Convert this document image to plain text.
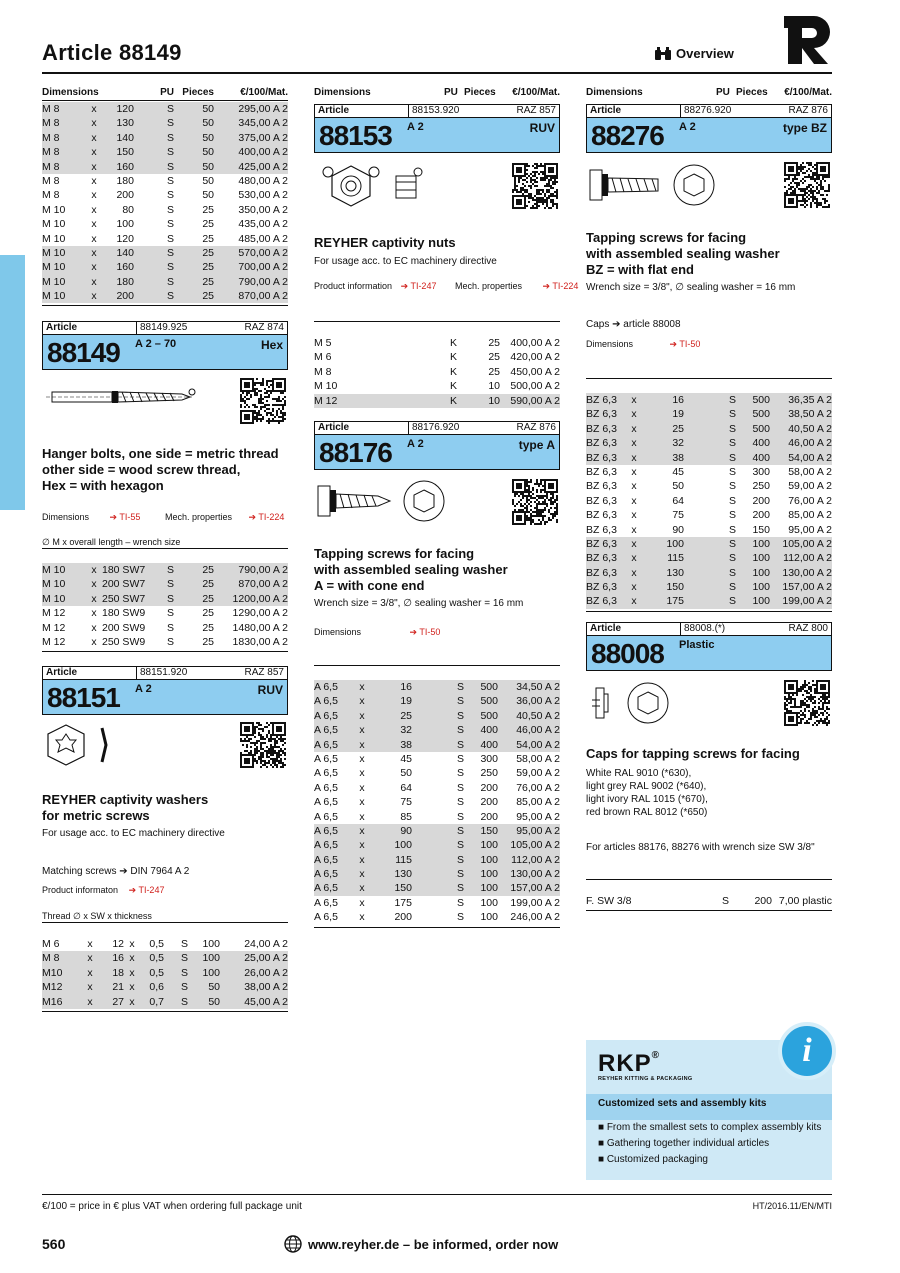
Article 88149	Overview
Dimensions	PU Pieces	€/100/Mat.
M 8	x	120	S	50	295,00 A 2
M 8	x	130	S	50	345,00 A 2
M 8	x	140	S	50	375,00 A 2
M 8	x	150	S	50	400,00 A 2
M 8	x	160	S	50	425,00 A 2
M 8	x	180	S	50	480,00 A 2
M 8	x	200	S	50	530,00 A 2
M 10	x	80	S	25	350,00 A 2
M 10	x	100	S	25	435,00 A 2
M 10	x	120	S	25	485,00 A 2
M 10	x	140	S	25	570,00 A 2
M 10	x	160	S	25	700,00 A 2
M 10	x	180	S	25	790,00 A 2
M 10	x	200	S	25	870,00 A 2
Article	88149.925	RAZ 874
88149 A 2 – 70	Hex
Hanger bolts, one side = metric thread
other side = wood screw thread,
Hex = with hexagon
Dimensions ➔ TI-55	Mech. properties ➔ TI-224
∅ M x overall length – wrench size
M 10	x 180 SW7	S	25	790,00 A 2
M 10	x 200 SW7	S	25	870,00 A 2
M 10	x 250 SW7	S	25	1200,00 A 2
M 12	x 180 SW9	S	25	1290,00 A 2
M 12	x 200 SW9	S	25	1480,00 A 2
M 12	x 250 SW9	S	25	1830,00 A 2
Article	88151.920	RAZ 857
88151 A 2	RUV
REYHER captivity washers
for metric screws
For usage acc. to EC machinery directive
Matching screws ➔ DIN 7964 A 2
Product informaton ➔ TI-247
Thread ∅ x SW x thickness
M 6	x	12 x	0,5	S	100	24,00 A 2
M 8	x	16 x	0,5	S	100	25,00 A 2
M10	x	18 x	0,5	S	100	26,00 A 2
M12	x	21 x	0,6	S	50	38,00 A 2
M16	x	27 x	0,7	S	50	45,00 A 2
Dimensions	PU Pieces	€/100/Mat.
Article	88153.920	RAZ 857
88153 A 2	RUV
REYHER captivity nuts
For usage acc. to EC machinery directive
Product information ➔ TI-247 Mech. properties ➔ TI-224
M 5	K	25 400,00 A 2
M 6	K	25 420,00 A 2
M 8	K	25 450,00 A 2
M 10	K	10 500,00 A 2
M 12	K	10 590,00 A 2
Article	88176.920	RAZ 876
88176 A 2	type A
Tapping screws for facing
with assembled sealing washer
A = with cone end
Wrench size = 3/8", ∅ sealing washer = 16 mm
Dimensions	➔ TI-50
A 6,5	x	16	S	500	34,50 A 2
A 6,5	x	19	S	500	36,00 A 2
A 6,5	x	25	S	500	40,50 A 2
A 6,5	x	32	S	400	46,00 A 2
A 6,5	x	38	S	400	54,00 A 2
A 6,5	x	45	S	300	58,00 A 2
A 6,5	x	50	S	250	59,00 A 2
A 6,5	x	64	S	200	76,00 A 2
A 6,5	x	75	S	200	85,00 A 2
A 6,5	x	85	S	200	95,00 A 2
A 6,5	x	90	S	150	95,00 A 2
A 6,5	x	100	S	100	105,00 A 2
A 6,5	x	115	S	100	112,00 A 2
A 6,5	x	130	S	100	130,00 A 2
A 6,5	x	150	S	100	157,00 A 2
A 6,5	x	175	S	100	199,00 A 2
A 6,5	x	200	S	100	246,00 A 2
Dimensions	PU Pieces	€/100/Mat.
Article	88276.920	RAZ 876
88276 A 2	type BZ
Tapping screws for facing
with assembled sealing washer
BZ = with flat end
Wrench size = 3/8", ∅ sealing washer = 16 mm
Caps ➔ article 88008
Dimensions	➔ TI-50
BZ 6,3	x	16	S	500	36,35 A 2
BZ 6,3	x	19	S	500	38,50 A 2
BZ 6,3	x	25	S	500	40,50 A 2
BZ 6,3	x	32	S	400	46,00 A 2
BZ 6,3	x	38	S	400	54,00 A 2
BZ 6,3	x	45	S	300	58,00 A 2
BZ 6,3	x	50	S	250	59,00 A 2
BZ 6,3	x	64	S	200	76,00 A 2
BZ 6,3	x	75	S	200	85,00 A 2
BZ 6,3	x	90	S	150	95,00 A 2
BZ 6,3	x	100	S	100	105,00 A 2
BZ 6,3	x	115	S	100	112,00 A 2
BZ 6,3	x	130	S	100	130,00 A 2
BZ 6,3	x	150	S	100	157,00 A 2
BZ 6,3	x	175	S	100	199,00 A 2
Article	88008.(*)	RAZ 800
88008 Plastic
Caps for tapping screws for facing
White RAL 9010 (*630),
light grey RAL 9002 (*640),
light ivory RAL 1015 (*670),
red brown RAL 8012 (*650)
For articles 88176, 88276 with wrench size SW 3/8"
F. SW 3/8	S	200 7,00 plastic
RKP®
REYHER KITTING & PACKAGING
Customized sets and assembly kits
■ From the smallest sets to complex assembly kits
■ Gathering together individual articles
■ Customized packaging
i
€/100 = price in € plus VAT when ordering full package unit	HT/2016.11/EN/MTI
560	www.reyher.de – be informed, order now
